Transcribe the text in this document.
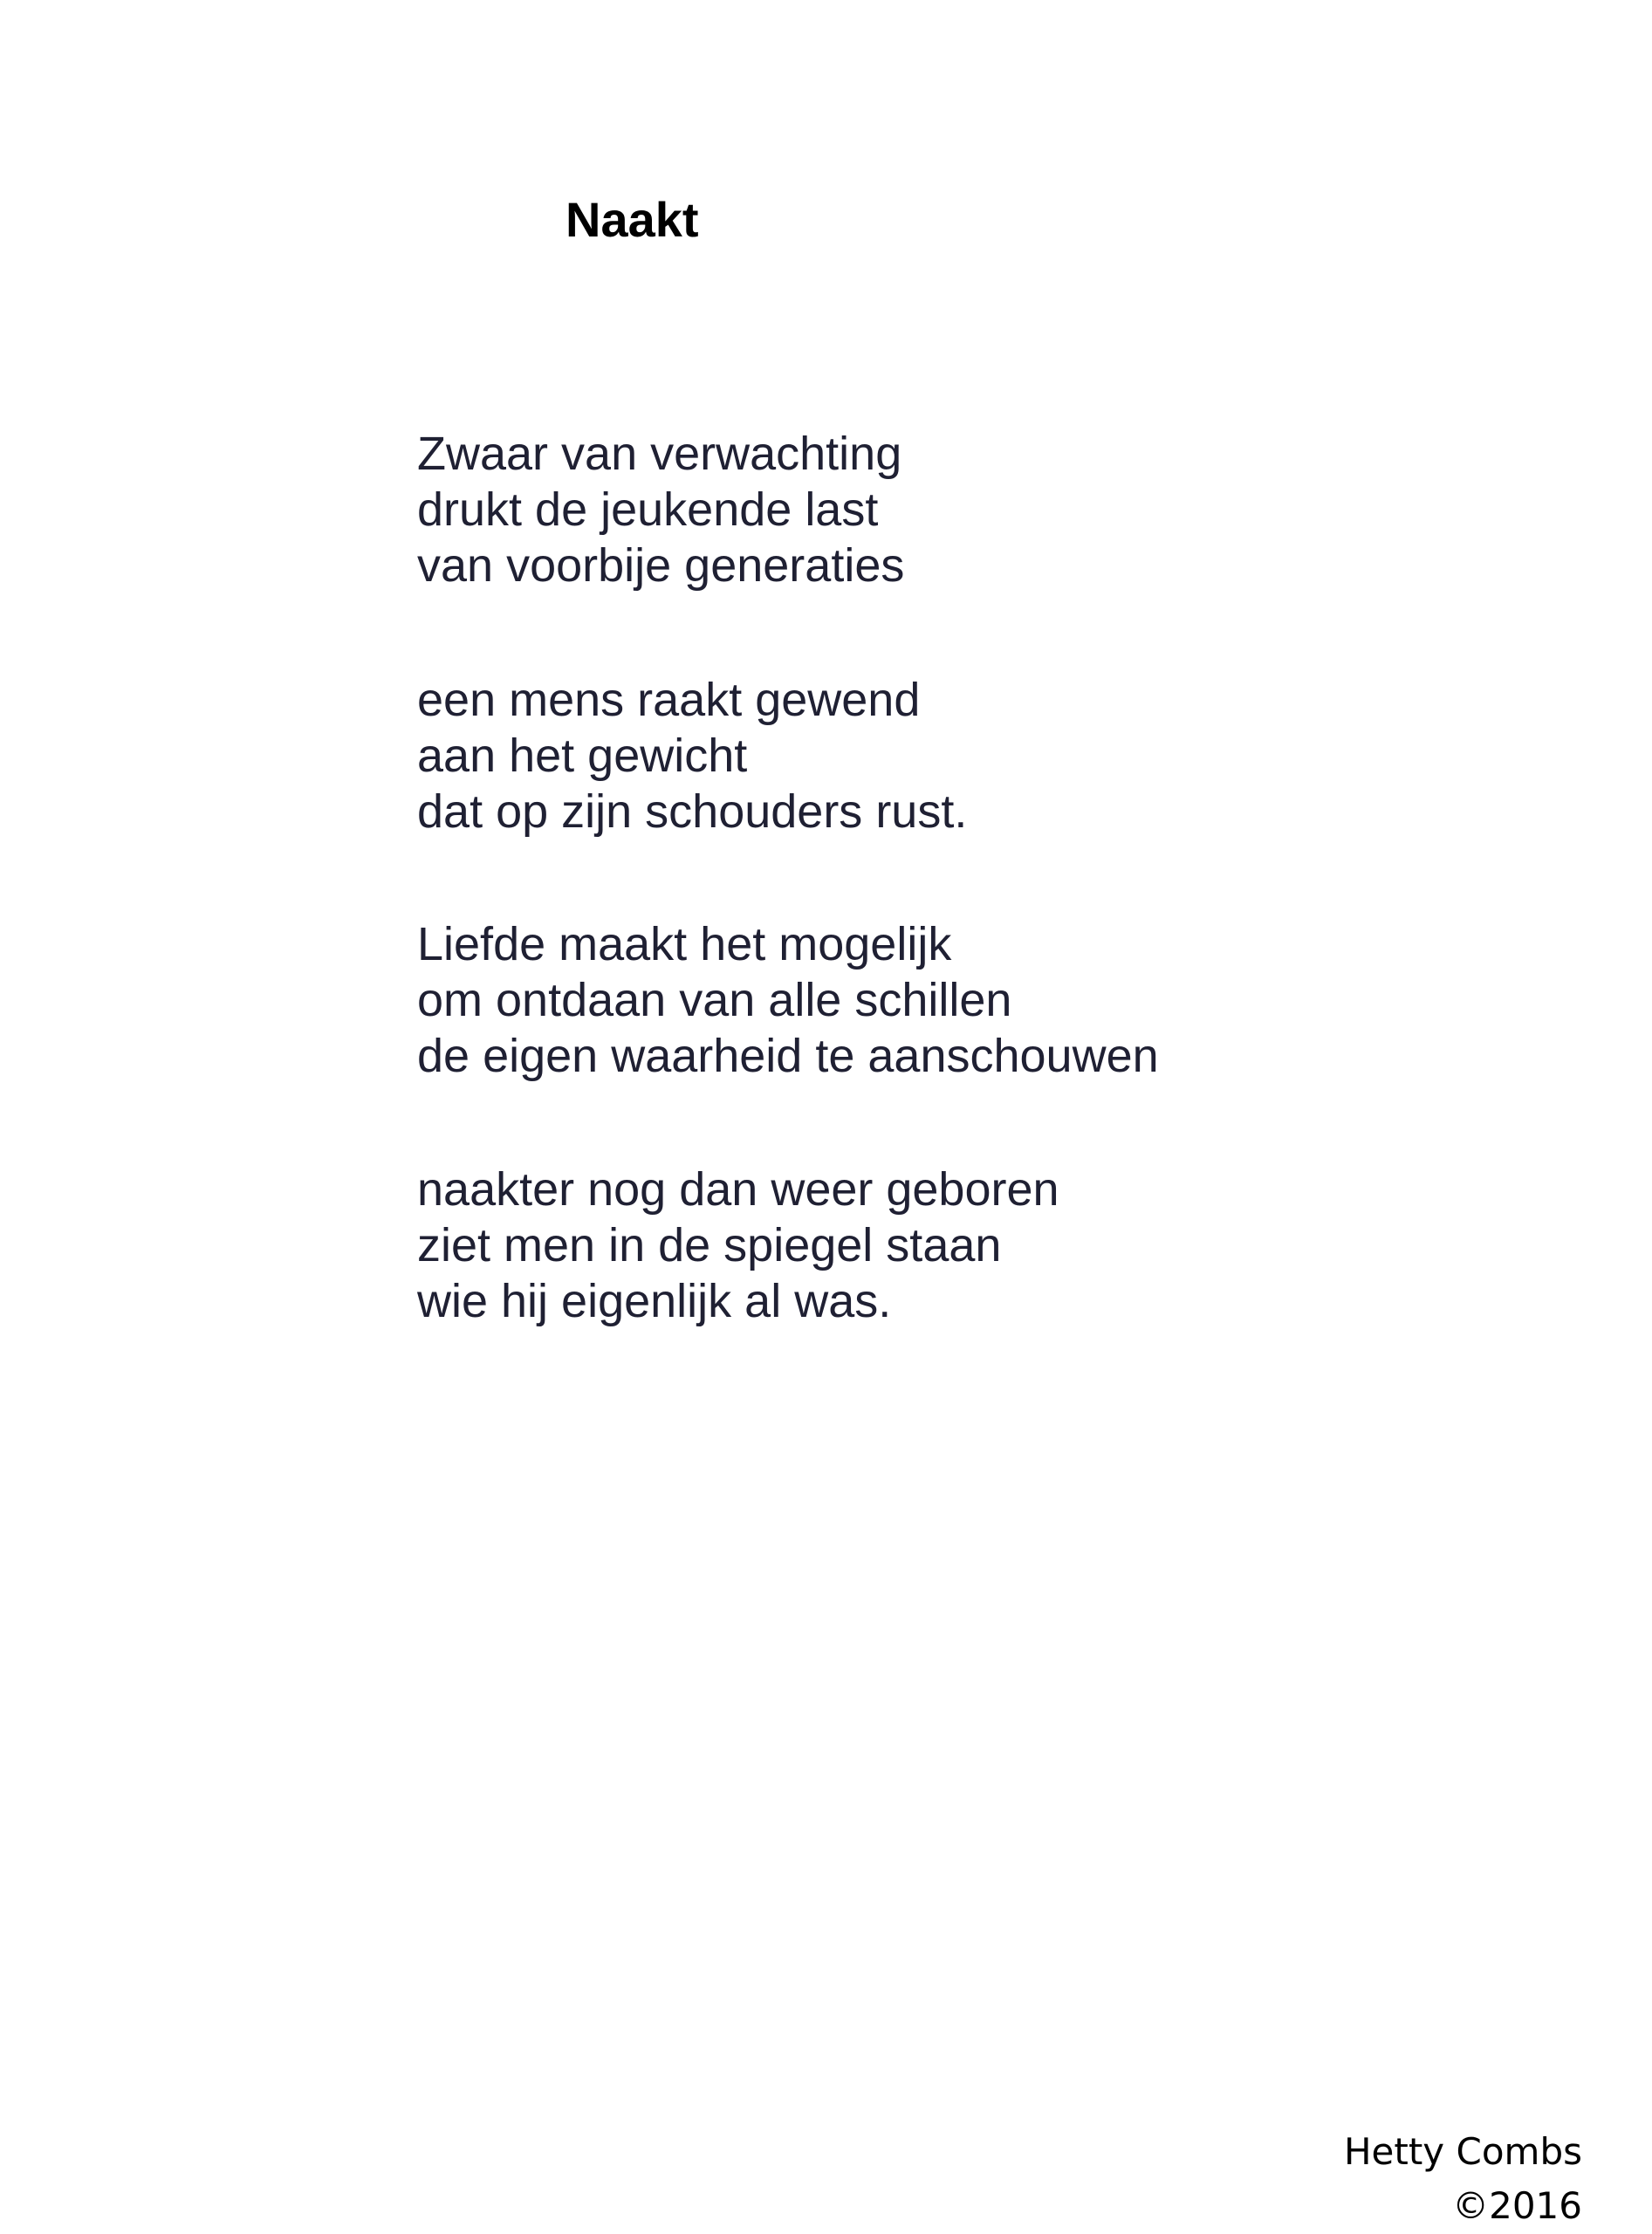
Naakt
Zwaar van verwachting
drukt de jeukende last
van voorbije generaties
een mens raakt gewend
aan het gewicht
dat op zijn schouders rust.
Liefde maakt het mogelijk
om ontdaan van alle schillen
de eigen waarheid te aanschouwen
naakter nog dan weer geboren
ziet men in de spiegel staan
wie hij eigenlijk al was.
Hetty Combs
©2016
